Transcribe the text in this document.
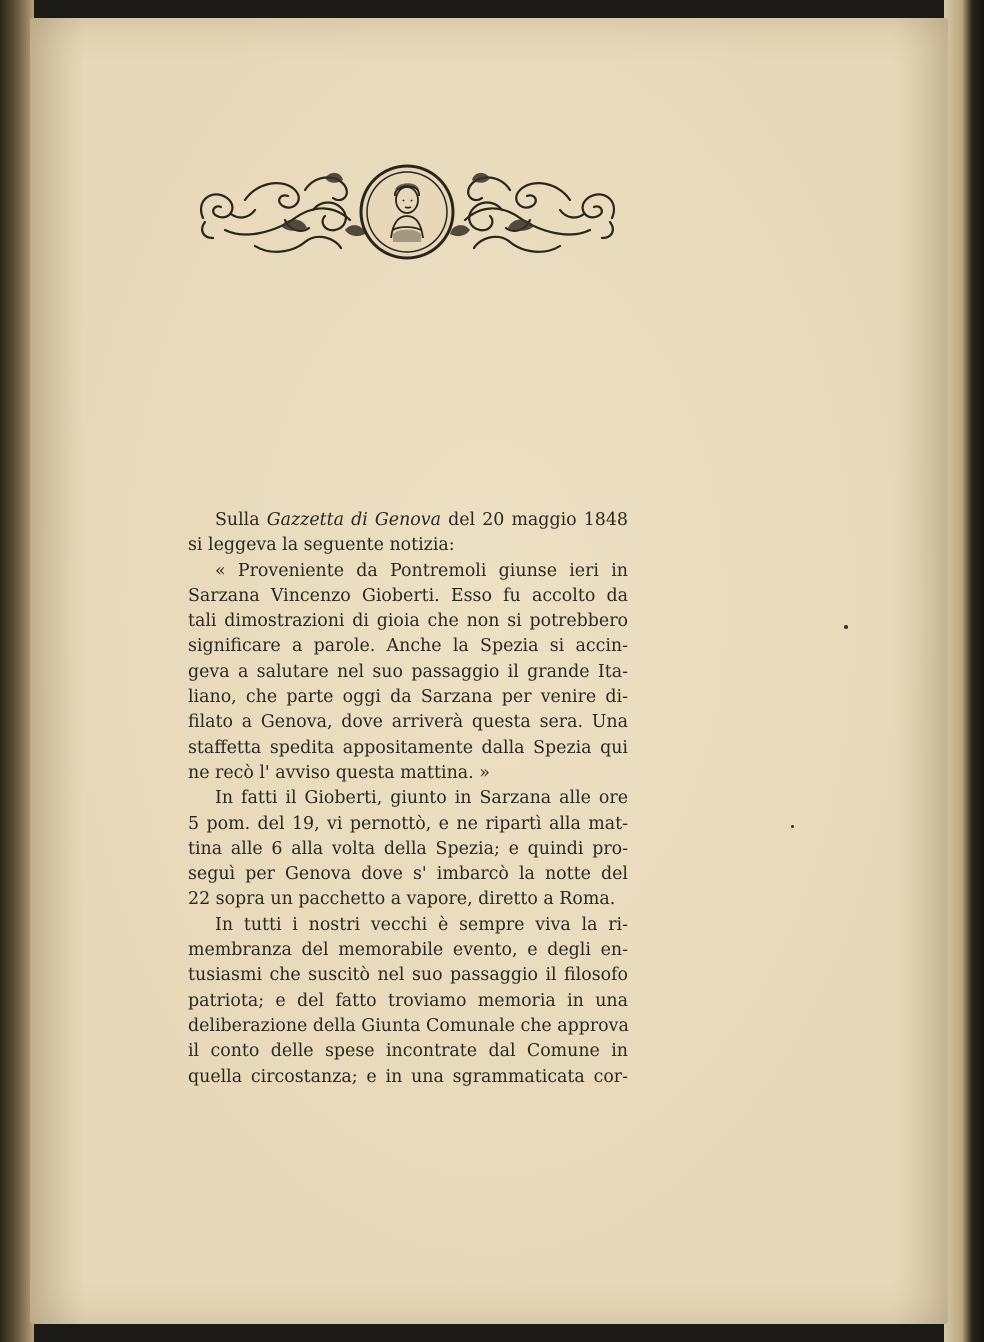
Sulla Gazzetta di Genova del 20 maggio 1848
si leggeva la seguente notizia:

« Proveniente da Pontremoli giunse ieri in
Sarzana Vincenzo Gioberti. Esso fu accolto da
tali dimostrazioni di gioia che non si potrebbero
significare a parole. Anche la Spezia si accin-
geva a salutare nel suo passaggio il grande Ita-
liano, che parte oggi da Sarzana per venire di-
filato a Genova, dove arriverà questa sera. Una
staffetta spedita appositamente dalla Spezia qui
ne recò l' avviso questa mattina. »

In fatti il Gioberti, giunto in Sarzana alle ore
5 pom. del 19, vi pernottò, e ne ripartì alla mat-
tina alle 6 alla volta della Spezia; e quindi pro-
seguì per Genova dove s' imbarcò la notte del
22 sopra un pacchetto a vapore, diretto a Roma.

In tutti i nostri vecchi è sempre viva la ri-
membranza del memorabile evento, e degli en-
tusiasmi che suscitò nel suo passaggio il filosofo
patriota; e del fatto troviamo memoria in una
deliberazione della Giunta Comunale che approva
il conto delle spese incontrate dal Comune in
quella circostanza; e in una sgrammaticata cor-
